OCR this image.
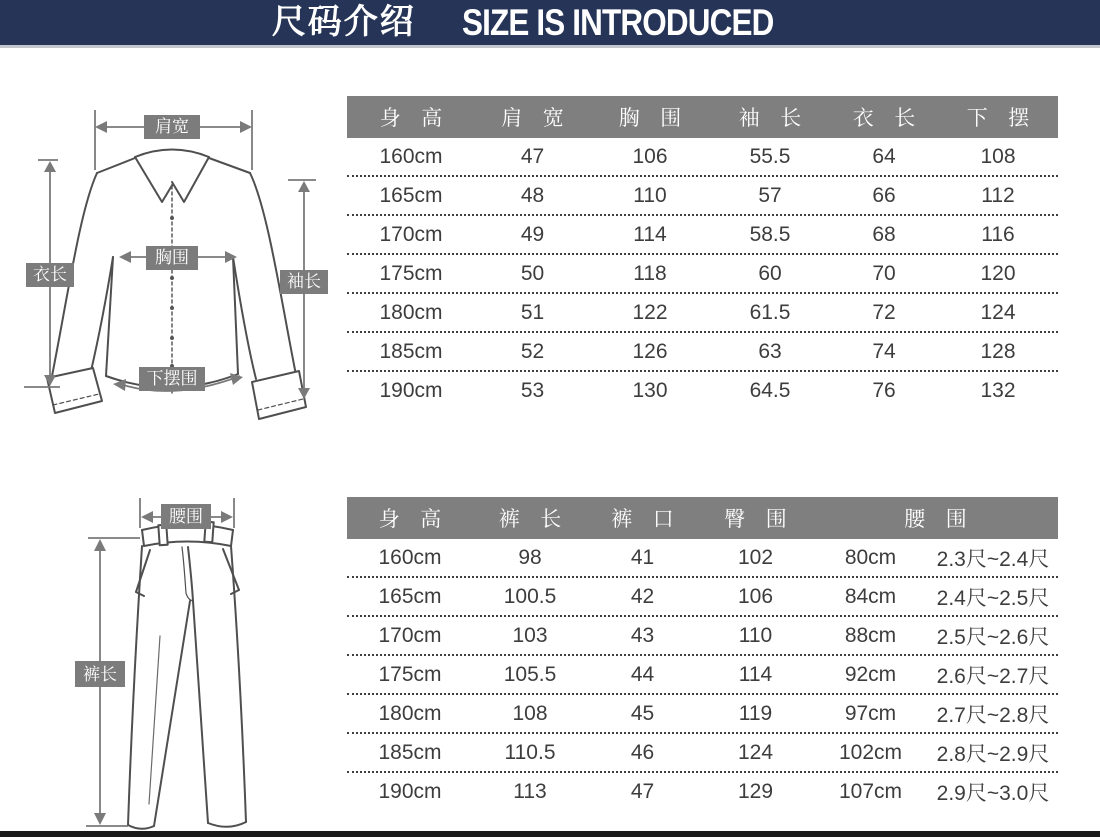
尺码介绍 SIZE IS INTRODUCED
肩宽
衣长	袖长
胸围
下摆围
身 高	肩 宽	胸 围	袖 长	衣 长	下 摆
160cm	47	106	55.5	64	108
165cm	48	110	57	66	112
170cm	49	114	58.5	68	116
175cm	50	118	60	70	120
180cm	51	122	61.5	72	124
185cm	52	126	63	74	128
190cm	53	130	64.5	76	132
腰围
裤长
身 高	裤 长	裤 口	臀 围	腰 围
160cm	98	41	102	80cm	2.3尺~2.4尺
165cm	100.5	42	106	84cm	2.4尺~2.5尺
170cm	103	43	110	88cm	2.5尺~2.6尺
175cm	105.5	44	114	92cm	2.6尺~2.7尺
180cm	108	45	119	97cm	2.7尺~2.8尺
185cm	110.5	46	124	102cm	2.8尺~2.9尺
190cm	113	47	129	107cm	2.9尺~3.0尺
